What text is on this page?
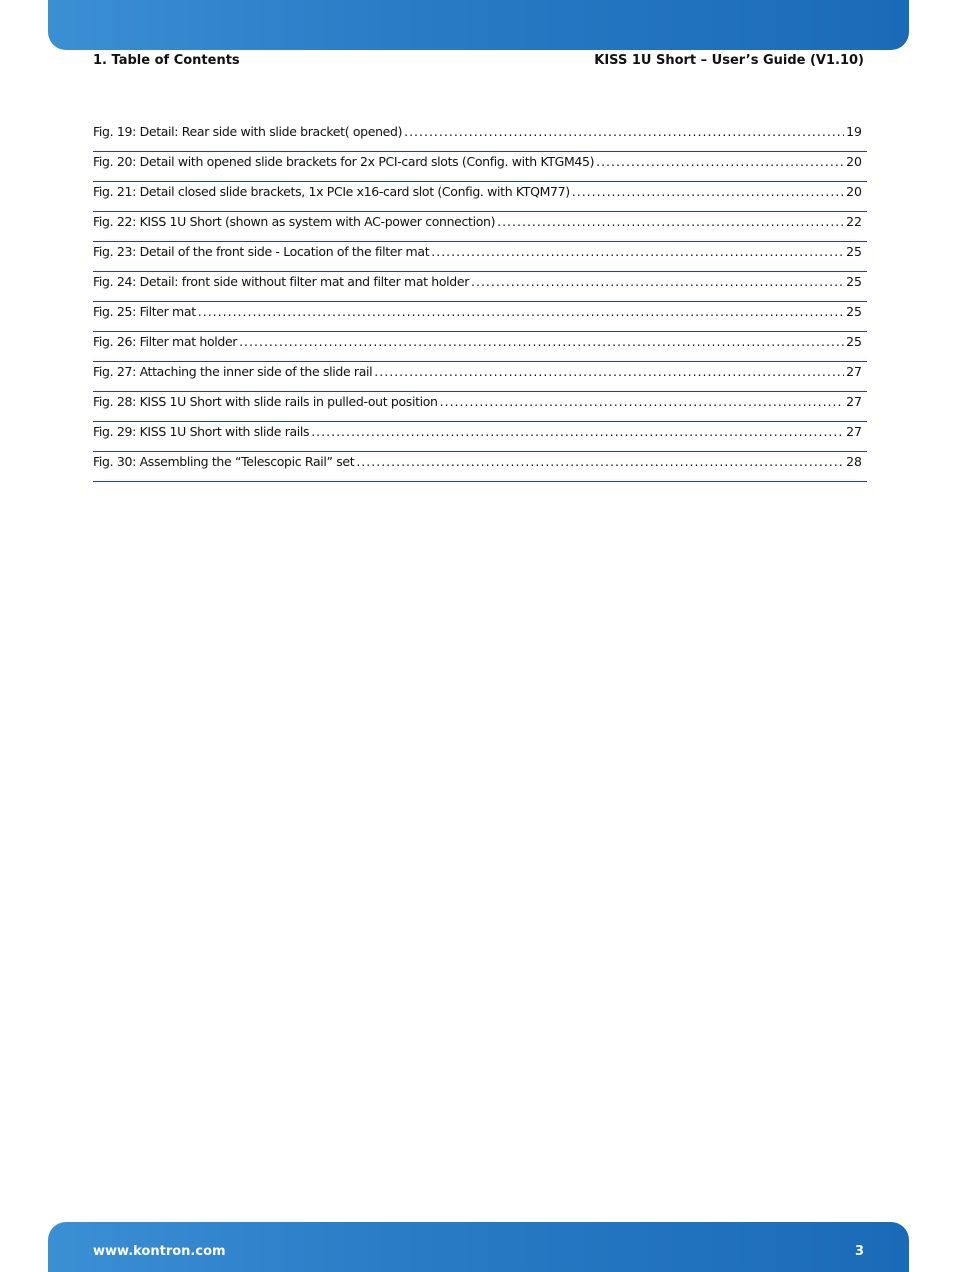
1. Table of Contents	KISS 1U Short – User’s Guide (V1.10)
Fig. 19: Detail: Rear side with slide bracket( opened) .....	19
Fig. 20: Detail with opened slide brackets for 2x PCI-card slots (Config. with KTGM45) .....	20
Fig. 21: Detail closed slide brackets, 1x PCIe x16-card slot (Config. with KTQM77) .....	20
Fig. 22: KISS 1U Short (shown as system with AC-power connection) .....	22
Fig. 23: Detail of the front side - Location of the filter mat .....	25
Fig. 24: Detail: front side without filter mat and filter mat holder .....	25
Fig. 25: Filter mat .....	25
Fig. 26: Filter mat holder .....	25
Fig. 27: Attaching the inner side of the slide rail .....	27
Fig. 28: KISS 1U Short with slide rails in pulled-out position .....	27
Fig. 29: KISS 1U Short with slide rails .....	27
Fig. 30: Assembling the “Telescopic Rail” set .....	28
www.kontron.com	3
